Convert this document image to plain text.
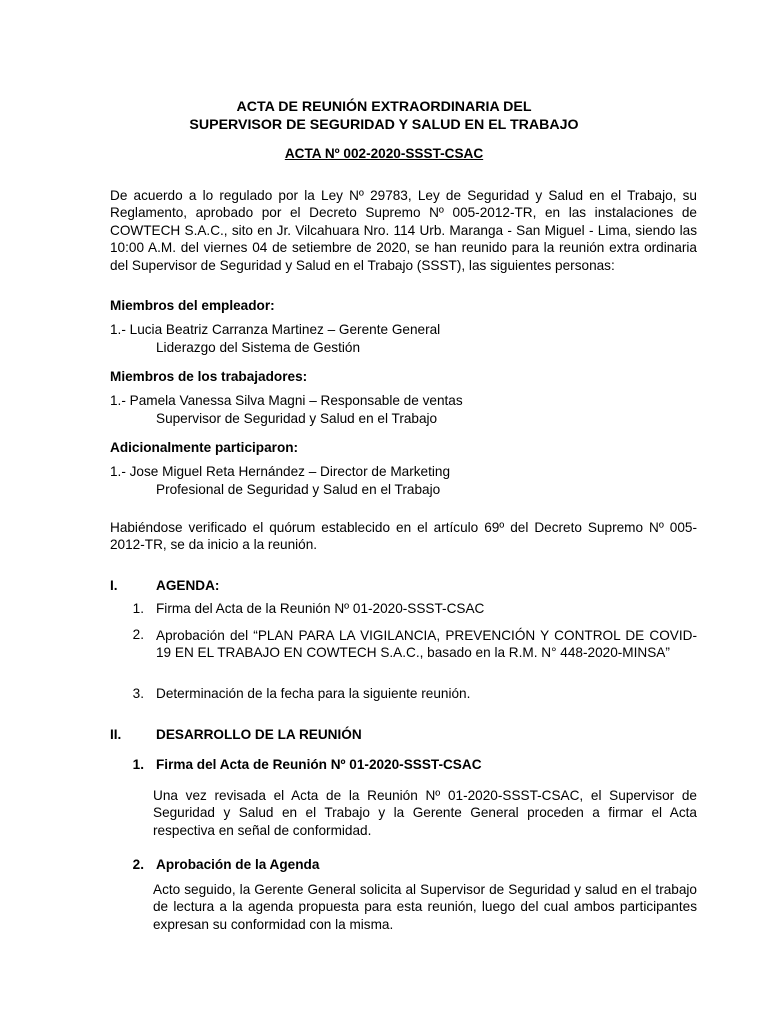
ACTA DE REUNIÓN EXTRAORDINARIA DEL
SUPERVISOR DE SEGURIDAD Y SALUD EN EL TRABAJO
ACTA Nº 002-2020-SSST-CSAC
De acuerdo a lo regulado por la Ley Nº 29783, Ley de Seguridad y Salud en el Trabajo, su Reglamento, aprobado por el Decreto Supremo Nº 005-2012-TR, en las instalaciones de COWTECH S.A.C., sito en Jr. Vilcahuara Nro. 114 Urb. Maranga - San Miguel - Lima, siendo las 10:00 A.M. del viernes 04 de setiembre de 2020, se han reunido para la reunión extra ordinaria del Supervisor de Seguridad y Salud en el Trabajo (SSST), las siguientes personas:
Miembros del empleador:
1.- Lucia Beatriz Carranza Martinez – Gerente General
Liderazgo del Sistema de Gestión
Miembros de los trabajadores:
1.- Pamela Vanessa Silva Magni – Responsable de ventas
Supervisor de Seguridad y Salud en el Trabajo
Adicionalmente participaron:
1.- Jose Miguel Reta Hernández – Director de Marketing
Profesional de Seguridad y Salud en el Trabajo
Habiéndose verificado el quórum establecido en el artículo 69º del Decreto Supremo Nº 005-2012-TR, se da inicio a la reunión.
I.	AGENDA:
1. Firma del Acta de la Reunión Nº 01-2020-SSST-CSAC
2. Aprobación del “PLAN PARA LA VIGILANCIA, PREVENCIÓN Y CONTROL DE COVID-19 EN EL TRABAJO EN COWTECH S.A.C., basado en la R.M. N° 448-2020-MINSA”
3. Determinación de la fecha para la siguiente reunión.
II.	DESARROLLO DE LA REUNIÓN
1. Firma del Acta de Reunión Nº 01-2020-SSST-CSAC
Una vez revisada el Acta de la Reunión Nº 01-2020-SSST-CSAC, el Supervisor de Seguridad y Salud en el Trabajo y la Gerente General proceden a firmar el Acta respectiva en señal de conformidad.
2. Aprobación de la Agenda
Acto seguido, la Gerente General solicita al Supervisor de Seguridad y salud en el trabajo de lectura a la agenda propuesta para esta reunión, luego del cual ambos participantes expresan su conformidad con la misma.
